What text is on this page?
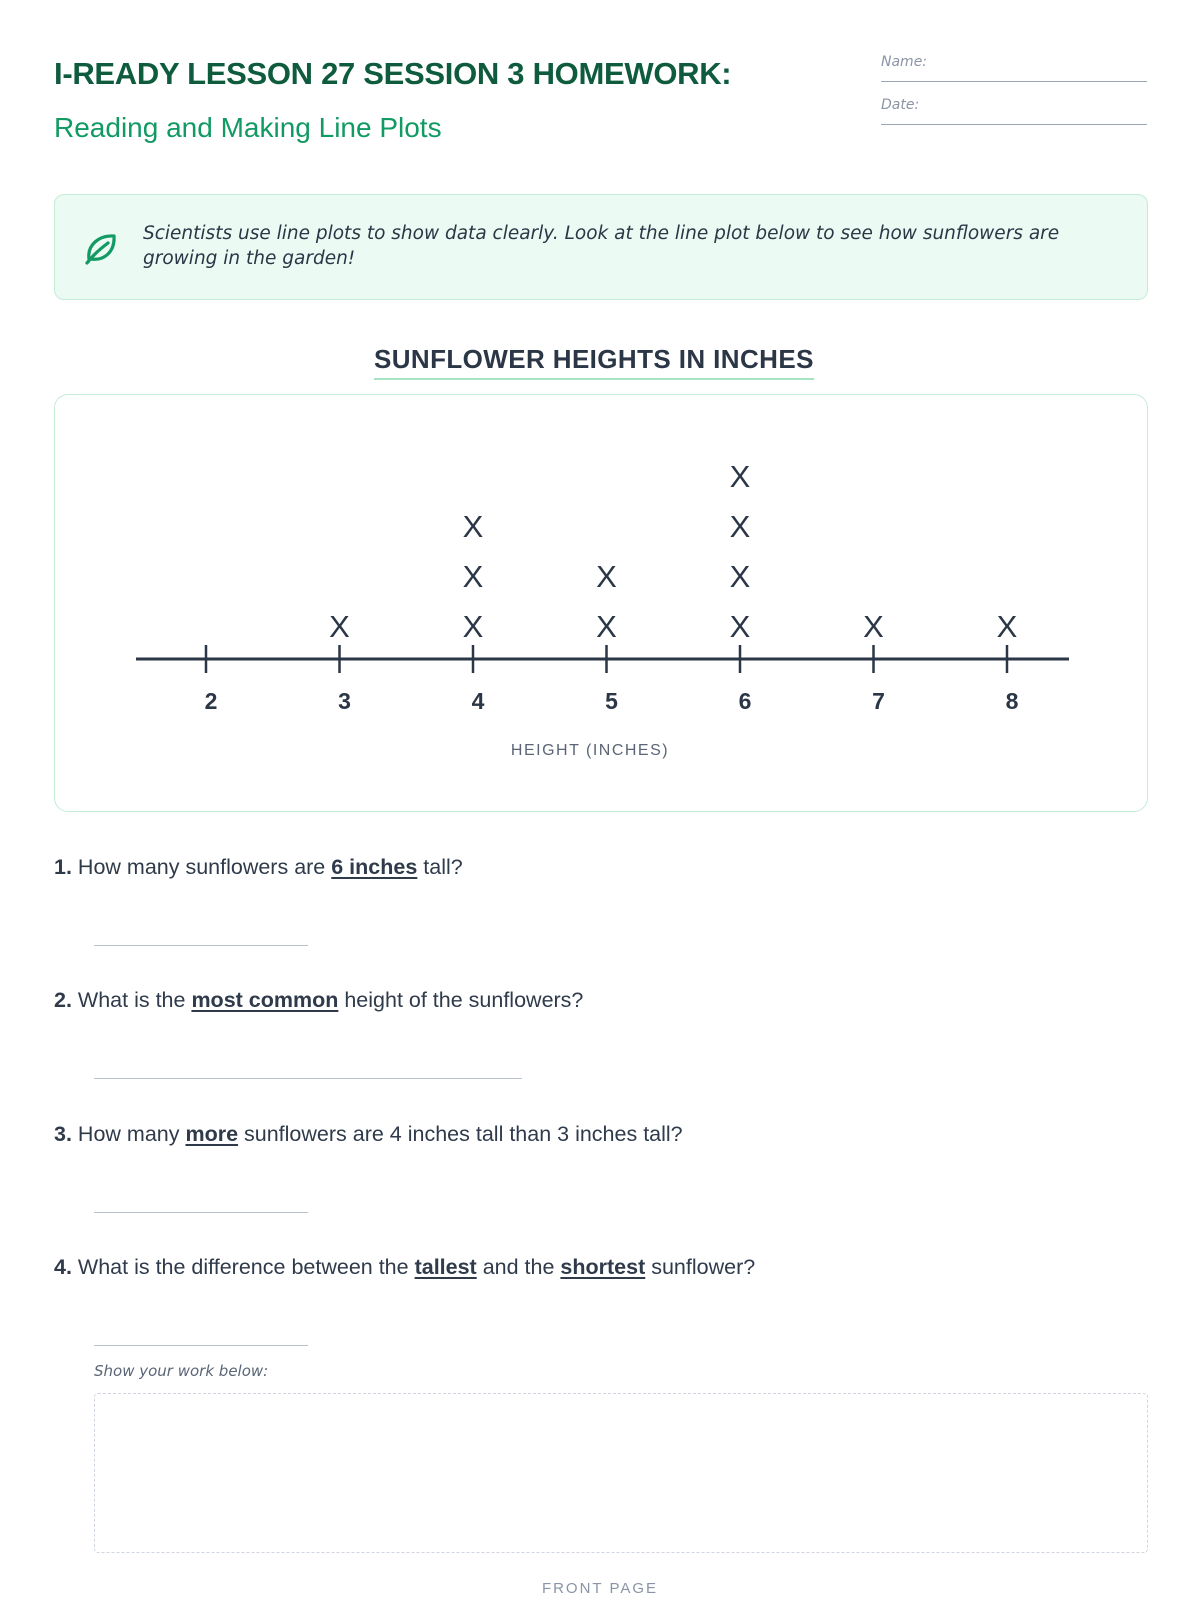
I-READY LESSON 27 SESSION 3 HOMEWORK:
Reading and Making Line Plots
Name:
Date:
Scientists use line plots to show data clearly. Look at the line plot below to see how sunflowers are growing in the garden!
SUNFLOWER HEIGHTS IN INCHES
2	3
X
4
X
X
X
5
X
X
6
X
X
X
X
7
X
8
X
HEIGHT (INCHES)
1. How many sunflowers are 6 inches tall?
2. What is the most common height of the sunflowers?
3. How many more sunflowers are 4 inches tall than 3 inches tall?
4. What is the difference between the tallest and the shortest sunflower?
Show your work below:
FRONT PAGE
